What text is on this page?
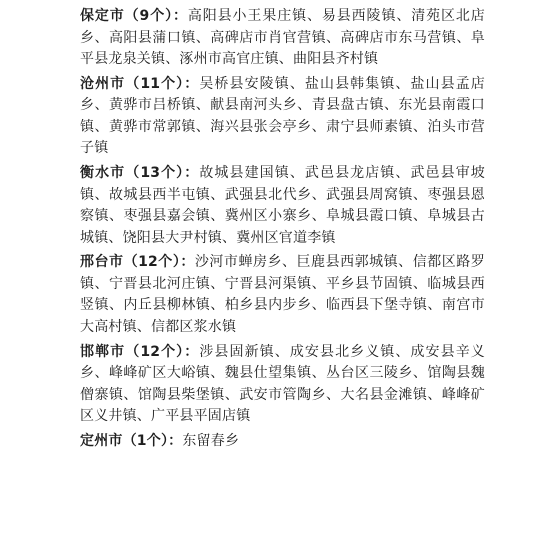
保定市（9个）：高阳县小王果庄镇、易县西陵镇、清苑区北店乡、高阳县蒲口镇、高碑店市肖官营镇、高碑店市东马营镇、阜平县龙泉关镇、涿州市高官庄镇、曲阳县齐村镇

沧州市（11个）：吴桥县安陵镇、盐山县韩集镇、盐山县孟店乡、黄骅市吕桥镇、献县南河头乡、青县盘古镇、东光县南霞口镇、黄骅市常郭镇、海兴县张会亭乡、肃宁县师素镇、泊头市营子镇

衡水市（13个）：故城县建国镇、武邑县龙店镇、武邑县审坡镇、故城县西半屯镇、武强县北代乡、武强县周窝镇、枣强县恩察镇、枣强县嘉会镇、冀州区小寨乡、阜城县霞口镇、阜城县古城镇、饶阳县大尹村镇、冀州区官道李镇

邢台市（12个）：沙河市蝉房乡、巨鹿县西郭城镇、信都区路罗镇、宁晋县北河庄镇、宁晋县河渠镇、平乡县节固镇、临城县西竖镇、内丘县柳林镇、柏乡县内步乡、临西县下堡寺镇、南宫市大高村镇、信都区浆水镇

邯郸市（12个）：涉县固新镇、成安县北乡义镇、成安县辛义乡、峰峰矿区大峪镇、魏县仕望集镇、丛台区三陵乡、馆陶县魏僧寨镇、馆陶县柴堡镇、武安市管陶乡、大名县金滩镇、峰峰矿区义井镇、广平县平固店镇

定州市（1个）：东留春乡
